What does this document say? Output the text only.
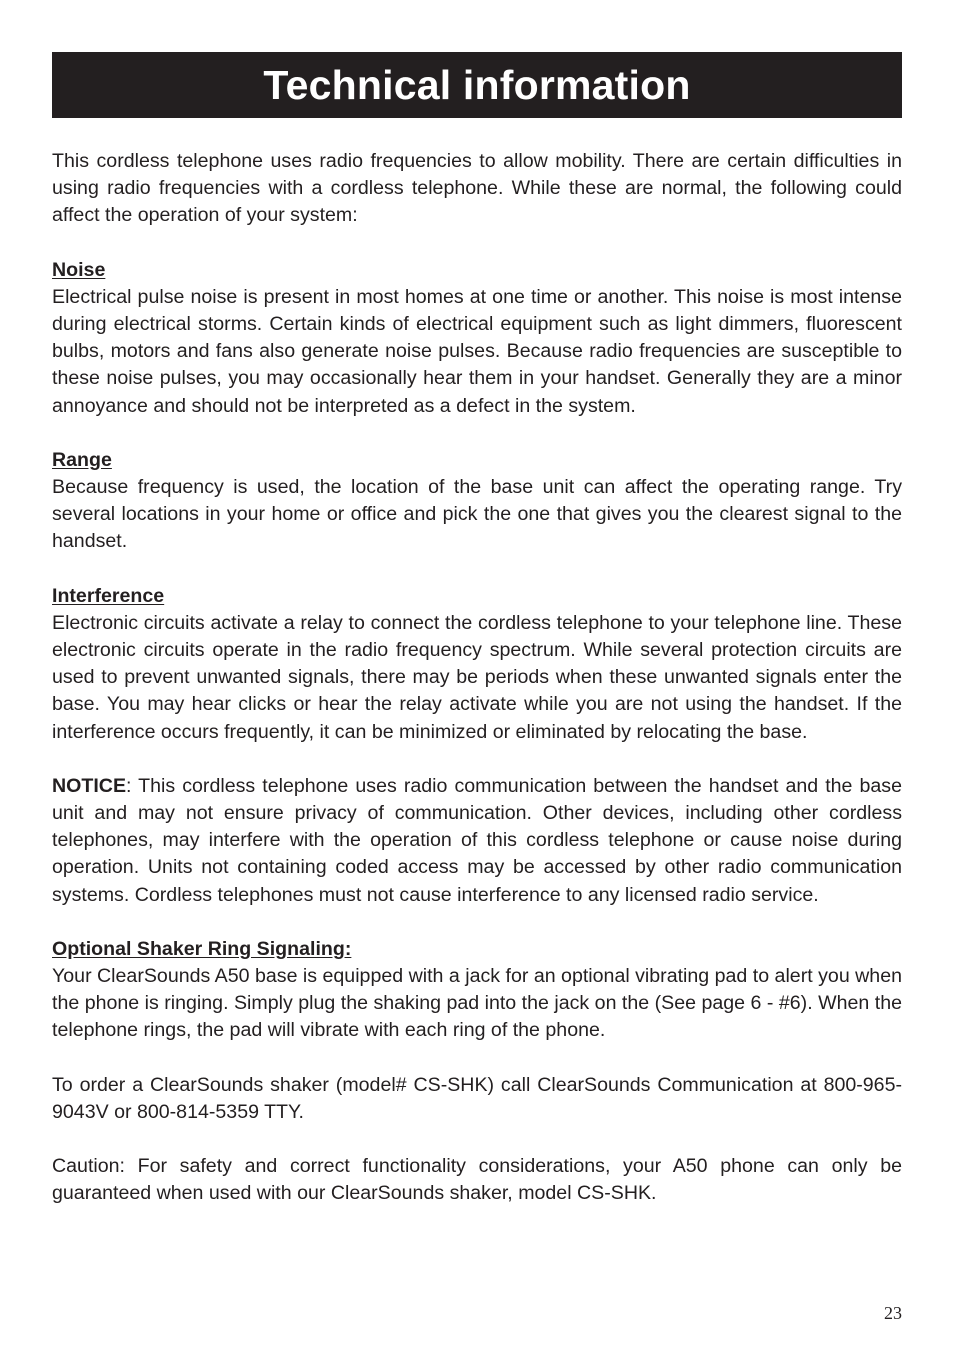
Technical information

This cordless telephone uses radio frequencies to allow mobility. There are certain difficulties in using radio frequencies with a cordless telephone. While these are normal, the following could affect the operation of your system:

Noise

Electrical pulse noise is present in most homes at one time or another. This noise is most intense during electrical storms. Certain kinds of electrical equipment such as light dimmers, fluorescent bulbs, motors and fans also generate noise pulses. Because radio frequencies are susceptible to these noise pulses, you may occasionally hear them in your handset. Generally they are a minor annoyance and should not be interpreted as a defect in the system.

Range

Because frequency is used, the location of the base unit can affect the operating range. Try several locations in your home or office and pick the one that gives you the clearest signal to the handset.

Interference

Electronic circuits activate a relay to connect the cordless telephone to your telephone line. These electronic circuits operate in the radio frequency spectrum. While several protection circuits are used to prevent unwanted signals, there may be periods when these unwanted signals enter the base. You may hear clicks or hear the relay activate while you are not using the handset. If the interference occurs frequently, it can be minimized or eliminated by relocating the base.

NOTICE: This cordless telephone uses radio communication between the handset and the base unit and may not ensure privacy of communication. Other devices, including other cordless telephones, may interfere with the operation of this cordless telephone or cause noise during operation. Units not containing coded access may be accessed by other radio communication systems. Cordless telephones must not cause interference to any licensed radio service.

Optional Shaker Ring Signaling:

Your ClearSounds A50 base is equipped with a jack for an optional vibrating pad to alert you when the phone is ringing. Simply plug the shaking pad into the jack on the (See page 6 - #6). When the telephone rings, the pad will vibrate with each ring of the phone.

To order a ClearSounds shaker (model# CS-SHK) call ClearSounds Communication at 800-965-9043V or 800-814-5359 TTY.

Caution: For safety and correct functionality considerations, your A50 phone can only be guaranteed when used with our ClearSounds shaker, model CS-SHK.

23
